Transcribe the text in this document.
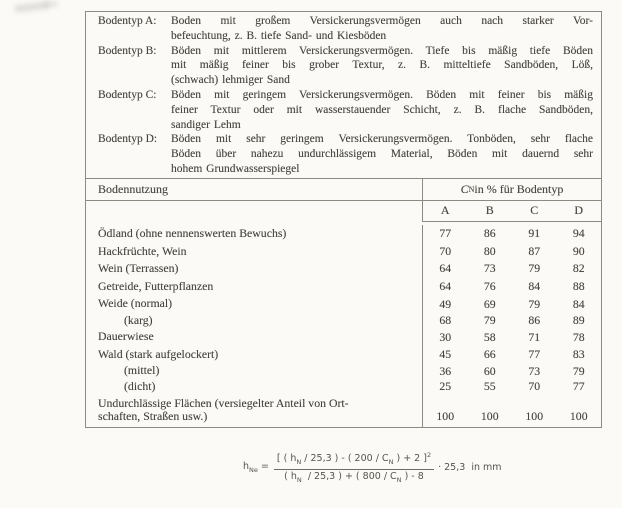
Bodentyp A:	Boden mit großem Versickerungsvermögen auch nach starker Vor-
befeuchtung, z. B. tiefe Sand- und Kiesböden
Bodentyp B:	Böden mit mittlerem Versickerungsvermögen. Tiefe bis mäßig tiefe Böden
mit mäßig feiner bis grober Textur, z. B. mitteltiefe Sandböden, Löß,
(schwach) lehmiger Sand
Bodentyp C:	Böden mit geringem Versickerungsvermögen. Böden mit feiner bis mäßig
feiner Textur oder mit wasserstauender Schicht, z. B. flache Sandböden,
sandiger Lehm
Bodentyp D:	Böden mit sehr geringem Versickerungsvermögen. Tonböden, sehr flache
Böden über nahezu undurchlässigem Material, Böden mit dauernd sehr
hohem Grundwasserspiegel
Bodennutzung	C N in % für Bodentyp
A	B	C	D
Ödland (ohne nennenswerten Bewuchs)	77	86	91	94
Hackfrüchte, Wein	70	80	87	90
Wein (Terrassen)	64	73	79	82
Getreide, Futterpflanzen	64	76	84	88
Weide (normal)	49	69	79	84
(karg)	68	79	86	89
Dauerwiese	30	58	71	78
Wald (stark aufgelockert)	45	66	77	83
(mittel)	36	60	73	79
(dicht)	25	55	70	77
Undurchlässige Flächen (versiegelter Anteil von Ort-
schaften, Straßen usw.)	100	100	100	100
$h_{Ne} = \frac{[ ( h_N / 25,3 ) - ( 200 / C_N ) + 2 ]^2}{( h_N / 25,3 ) + ( 800 / C_N ) - 8} \cdot 25,3$  in mm
